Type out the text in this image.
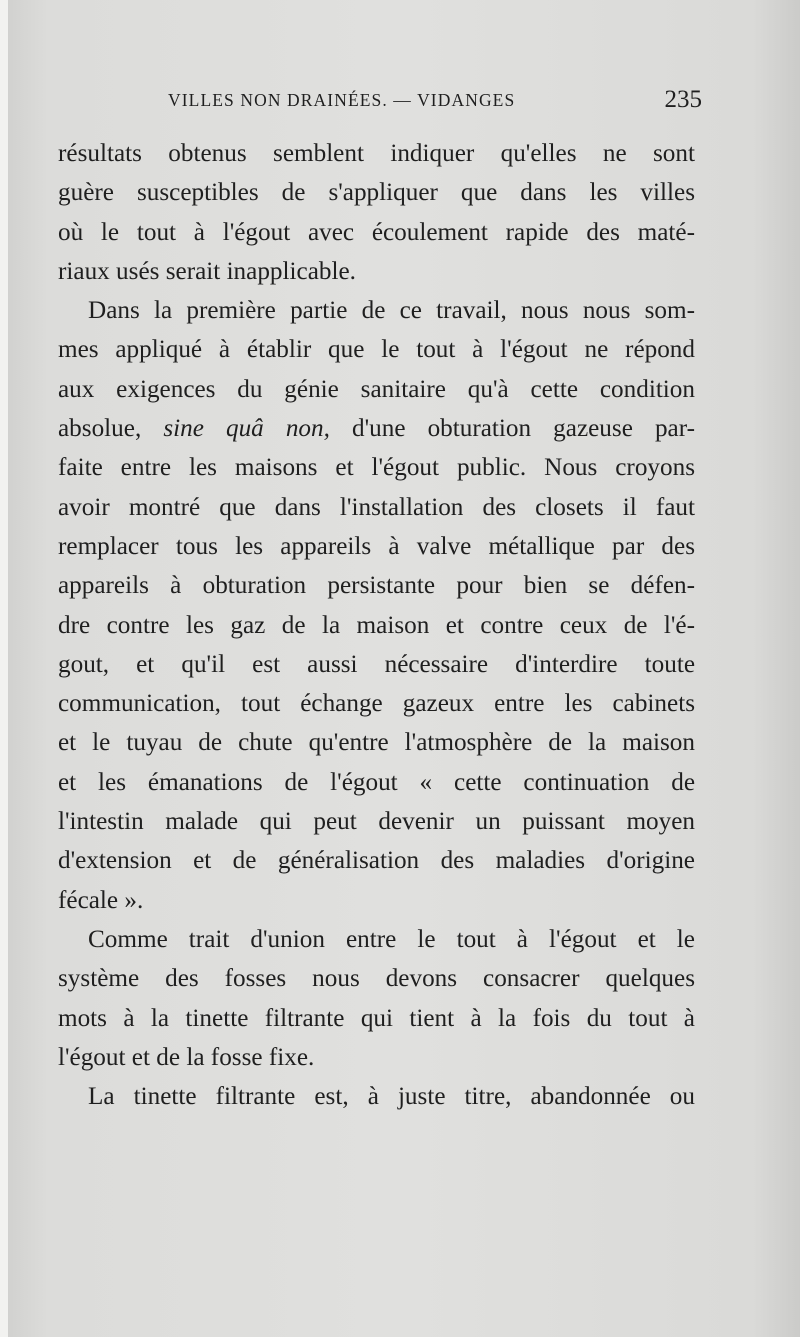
VILLES NON DRAINÉES. — VIDANGES	235
résultats obtenus semblent indiquer qu'elles ne sont
guère susceptibles de s'appliquer que dans les villes
où le tout à l'égout avec écoulement rapide des maté-
riaux usés serait inapplicable.
Dans la première partie de ce travail, nous nous som-
mes appliqué à établir que le tout à l'égout ne répond
aux exigences du génie sanitaire qu'à cette condition
absolue, sine quâ non, d'une obturation gazeuse par-
faite entre les maisons et l'égout public. Nous croyons
avoir montré que dans l'installation des closets il faut
remplacer tous les appareils à valve métallique par des
appareils à obturation persistante pour bien se défen-
dre contre les gaz de la maison et contre ceux de l'é-
gout, et qu'il est aussi nécessaire d'interdire toute
communication, tout échange gazeux entre les cabinets
et le tuyau de chute qu'entre l'atmosphère de la maison
et les émanations de l'égout « cette continuation de
l'intestin malade qui peut devenir un puissant moyen
d'extension et de généralisation des maladies d'origine
fécale ».
Comme trait d'union entre le tout à l'égout et le
système des fosses nous devons consacrer quelques
mots à la tinette filtrante qui tient à la fois du tout à
l'égout et de la fosse fixe.
La tinette filtrante est, à juste titre, abandonnée ou
